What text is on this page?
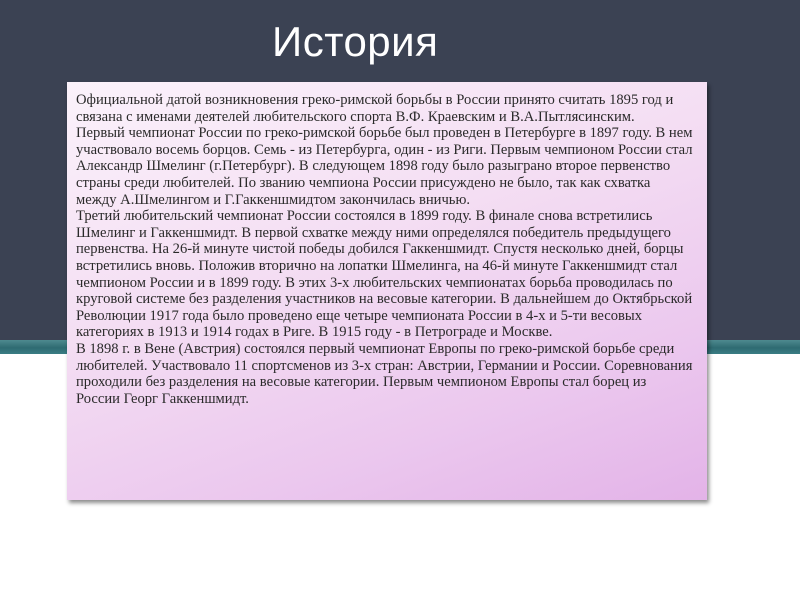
История

Официальной датой возникновения греко-римской борьбы в России принято считать 1895 год и связана с именами деятелей любительского спорта В.Ф. Краевским и В.А.Пытлясинским.

Первый чемпионат России по греко-римской борьбе был проведен в Петербурге в 1897 году. В нем участвовало восемь борцов. Семь - из Петербурга, один - из Риги. Первым чемпионом России стал Александр Шмелинг (г.Петербург). В следующем 1898 году было разыграно второе первенство страны среди любителей. По званию чемпиона России присуждено не было, так как схватка между А.Шмелингом и Г.Гаккеншмидтом закончилась вничью.

Третий любительский чемпионат России состоялся в 1899 году. В финале снова встретились Шмелинг и Гаккеншмидт. В первой схватке между ними определялся победитель предыдущего первенства. На 26-й минуте чистой победы добился Гаккеншмидт. Спустя несколько дней, борцы встретились вновь. Положив вторично на лопатки Шмелинга, на 46-й минуте Гаккеншмидт стал чемпионом России и в 1899 году. В этих 3-х любительских чемпионатах борьба проводилась по круговой системе без разделения участников на весовые категории. В дальнейшем до Октябрьской Революции 1917 года было проведено еще четыре чемпионата России в 4-х и 5-ти весовых категориях в 1913 и 1914 годах в Риге. В 1915 году - в Петрограде и Москве.

В 1898 г. в Вене (Австрия) состоялся первый чемпионат Европы по греко-римской борьбе среди любителей. Участвовало 11 спортсменов из 3-х стран: Австрии, Германии и России. Соревнования проходили без разделения на весовые категории. Первым чемпионом Европы стал борец из России Георг Гаккеншмидт.
